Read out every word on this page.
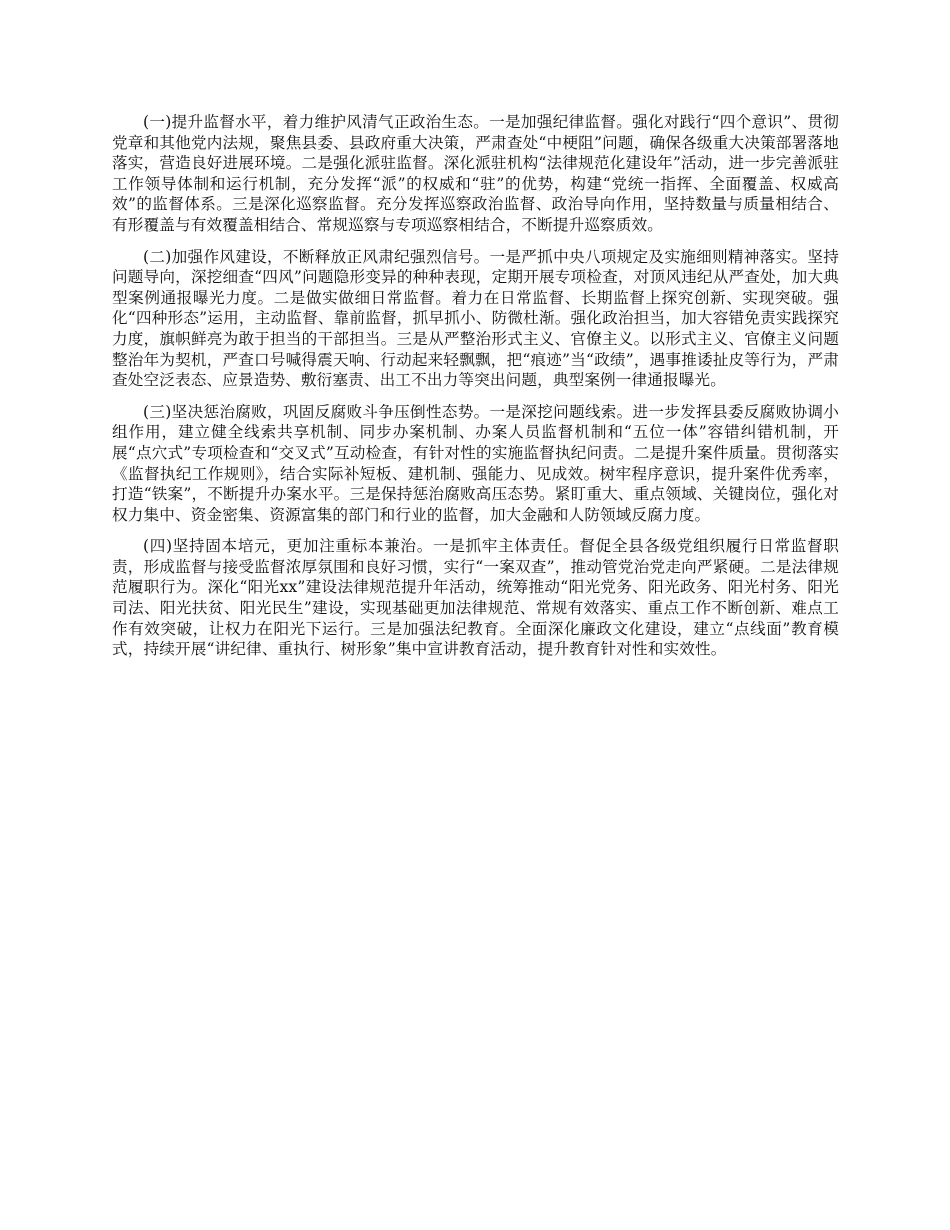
(一)提升监督水平，着力维护风清气正政治生态。一是加强纪律监督。强化对践行“四个意识”、贯彻党章和其他党内法规，聚焦县委、县政府重大决策，严肃查处“中梗阻”问题，确保各级重大决策部署落地落实，营造良好进展环境。二是强化派驻监督。深化派驻机构“法律规范化建设年”活动，进一步完善派驻工作领导体制和运行机制，充分发挥“派”的权威和“驻”的优势，构建“党统一指挥、全面覆盖、权威高效”的监督体系。三是深化巡察监督。充分发挥巡察政治监督、政治导向作用，坚持数量与质量相结合、有形覆盖与有效覆盖相结合、常规巡察与专项巡察相结合，不断提升巡察质效。

(二)加强作风建设，不断释放正风肃纪强烈信号。一是严抓中央八项规定及实施细则精神落实。坚持问题导向，深挖细查“四风”问题隐形变异的种种表现，定期开展专项检查，对顶风违纪从严查处，加大典型案例通报曝光力度。二是做实做细日常监督。着力在日常监督、长期监督上探究创新、实现突破。强化“四种形态”运用，主动监督、靠前监督，抓早抓小、防微杜渐。强化政治担当，加大容错免责实践探究力度，旗帜鲜亮为敢于担当的干部担当。三是从严整治形式主义、官僚主义。以形式主义、官僚主义问题整治年为契机，严查口号喊得震天响、行动起来轻飘飘，把“痕迹”当“政绩”，遇事推诿扯皮等行为，严肃查处空泛表态、应景造势、敷衍塞责、出工不出力等突出问题，典型案例一律通报曝光。

(三)坚决惩治腐败，巩固反腐败斗争压倒性态势。一是深挖问题线索。进一步发挥县委反腐败协调小组作用，建立健全线索共享机制、同步办案机制、办案人员监督机制和“五位一体”容错纠错机制，开展“点穴式”专项检查和“交叉式”互动检查，有针对性的实施监督执纪问责。二是提升案件质量。贯彻落实《监督执纪工作规则》，结合实际补短板、建机制、强能力、见成效。树牢程序意识，提升案件优秀率，打造“铁案”，不断提升办案水平。三是保持惩治腐败高压态势。紧盯重大、重点领域、关键岗位，强化对权力集中、资金密集、资源富集的部门和行业的监督，加大金融和人防领域反腐力度。

(四)坚持固本培元，更加注重标本兼治。一是抓牢主体责任。督促全县各级党组织履行日常监督职责，形成监督与接受监督浓厚氛围和良好习惯，实行“一案双查”，推动管党治党走向严紧硬。二是法律规范履职行为。深化“阳光xx”建设法律规范提升年活动，统筹推动“阳光党务、阳光政务、阳光村务、阳光司法、阳光扶贫、阳光民生”建设，实现基础更加法律规范、常规有效落实、重点工作不断创新、难点工作有效突破，让权力在阳光下运行。三是加强法纪教育。全面深化廉政文化建设，建立“点线面”教育模式，持续开展“讲纪律、重执行、树形象”集中宣讲教育活动，提升教育针对性和实效性。
